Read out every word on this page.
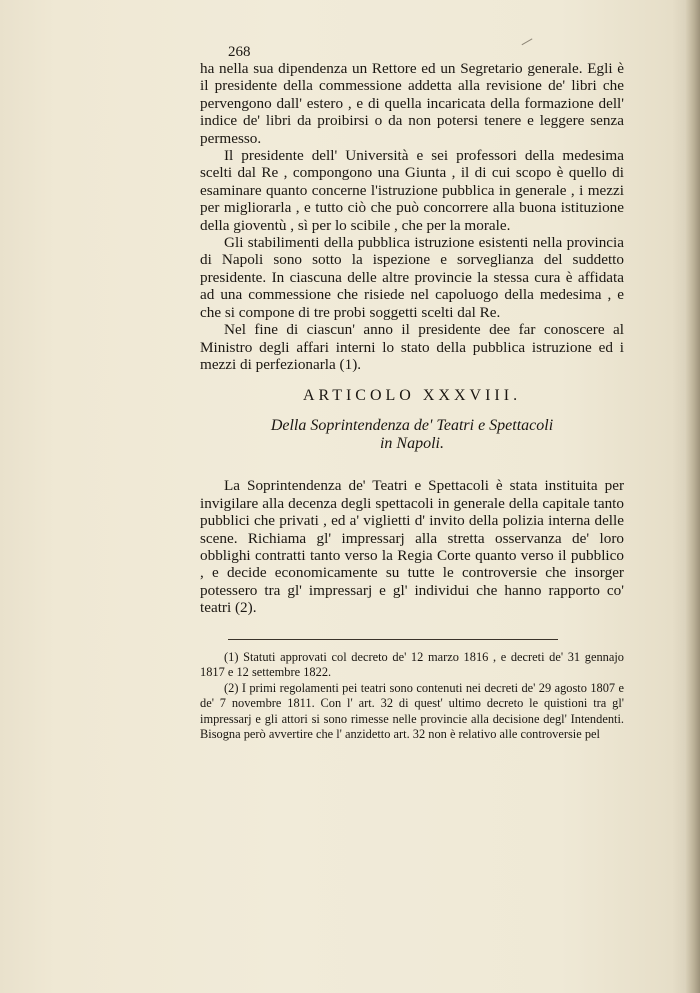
268

ha nella sua dipendenza un Rettore ed un Segretario generale. Egli è il presidente della commessione addetta alla revisione de' libri che pervengono dall' estero , e di quella incaricata della formazione dell' indice de' libri da proibirsi o da non potersi tenere e leggere senza permesso.

Il presidente dell' Università e sei professori della medesima scelti dal Re , compongono una Giunta , il di cui scopo è quello di esaminare quanto concerne l'istruzione pubblica in generale , i mezzi per migliorarla , e tutto ciò che può concorrere alla buona istituzione della gioventù , sì per lo scibile , che per la morale.

Gli stabilimenti della pubblica istruzione esistenti nella provincia di Napoli sono sotto la ispezione e sorveglianza del suddetto presidente. In ciascuna delle altre provincie la stessa cura è affidata ad una commessione che risiede nel capoluogo della medesima , e che si compone di tre probi soggetti scelti dal Re.

Nel fine di ciascun' anno il presidente dee far conoscere al Ministro degli affari interni lo stato della pubblica istruzione ed i mezzi di perfezionarla (1).

ARTICOLO XXXVIII.
Della Soprintendenza de' Teatri e Spettacoli
in Napoli.

La Soprintendenza de' Teatri e Spettacoli è stata instituita per invigilare alla decenza degli spettacoli in generale della capitale tanto pubblici che privati , ed a' viglietti d' invito della polizia interna delle scene. Richiama gl' impressarj alla stretta osservanza de' loro obblighi contratti tanto verso la Regia Corte quanto verso il pubblico , e decide economicamente su tutte le controversie che insorger potessero tra gl' impressarj e gl' individui che hanno rapporto co' teatri (2).

(1) Statuti approvati col decreto de' 12 marzo 1816 , e decreti de' 31 gennajo 1817 e 12 settembre 1822.

(2) I primi regolamenti pei teatri sono contenuti nei decreti de' 29 agosto 1807 e de' 7 novembre 1811. Con l' art. 32 di quest' ultimo decreto le quistioni tra gl' impressarj e gli attori si sono rimesse nelle provincie alla decisione degl' Intendenti. Bisogna però avvertire che l' anzidetto art. 32 non è relativo alle controversie pel
